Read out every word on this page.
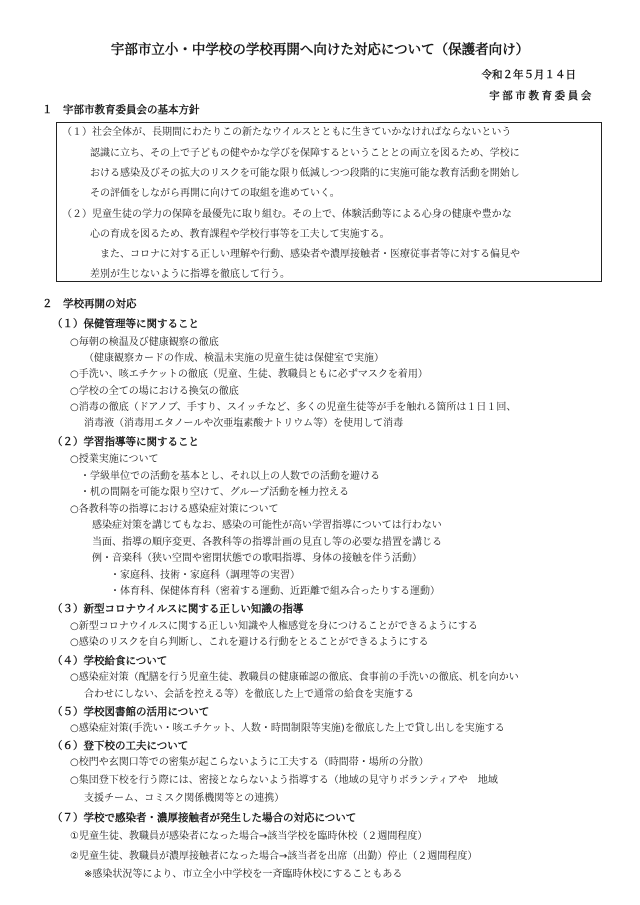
宇部市立小・中学校の学校再開へ向けた対応について（保護者向け）
令和２年５月１４日
宇部市教育委員会
１　宇部市教育委員会の基本方針
（１）社会全体が、長期間にわたりこの新たなウイルスとともに生きていかなければならないという
認識に立ち、その上で子どもの健やかな学びを保障するということとの両立を図るため、学校に
おける感染及びその拡大のリスクを可能な限り低減しつつ段階的に実施可能な教育活動を開始し
その評価をしながら再開に向けての取組を進めていく。
（２）児童生徒の学力の保障を最優先に取り組む。その上で、体験活動等による心身の健康や豊かな
心の育成を図るため、教育課程や学校行事等を工夫して実施する。
また、コロナに対する正しい理解や行動、感染者や濃厚接触者・医療従事者等に対する偏見や
差別が生じないように指導を徹底して行う。
２　学校再開の対応
（１）保健管理等に関すること
○毎朝の検温及び健康観察の徹底
（健康観察カードの作成、検温未実施の児童生徒は保健室で実施）
○手洗い、咳エチケットの徹底（児童、生徒、教職員ともに必ずマスクを着用）
○学校の全ての場における換気の徹底
○消毒の徹底（ドアノブ、手すり、スイッチなど、多くの児童生徒等が手を触れる箇所は１日１回、
消毒液（消毒用エタノールや次亜塩素酸ナトリウム等）を使用して消毒
（２）学習指導等に関すること
○授業実施について
・学級単位での活動を基本とし、それ以上の人数での活動を避ける
・机の間隔を可能な限り空けて、グループ活動を極力控える
○各教科等の指導における感染症対策について
感染症対策を講じてもなお、感染の可能性が高い学習指導については行わない
当面、指導の順序変更、各教科等の指導計画の見直し等の必要な措置を講じる
例・音楽科（狭い空間や密閉状態での歌唱指導、身体の接触を伴う活動）
・家庭科、技術・家庭科（調理等の実習）
・体育科、保健体育科（密着する運動、近距離で組み合ったりする運動）
（３）新型コロナウイルスに関する正しい知識の指導
○新型コロナウイルスに関する正しい知識や人権感覚を身につけることができるようにする
○感染のリスクを自ら判断し、これを避ける行動をとることができるようにする
（４）学校給食について
○感染症対策（配膳を行う児童生徒、教職員の健康確認の徹底、食事前の手洗いの徹底、机を向かい
合わせにしない、会話を控える等）を徹底した上で通常の給食を実施する
（５）学校図書館の活用について
○感染症対策(手洗い・咳エチケット、人数・時間制限等実施)を徹底した上で貸し出しを実施する
（６）登下校の工夫について
○校門や玄関口等での密集が起こらないように工夫する（時間帯・場所の分散）
○集団登下校を行う際には、密接とならないよう指導する（地域の見守りボランティアや　地域
支援チーム、コミスク関係機関等との連携）
（７）学校で感染者・濃厚接触者が発生した場合の対応について
①児童生徒、教職員が感染者になった場合→該当学校を臨時休校（２週間程度）
②児童生徒、教職員が濃厚接触者になった場合→該当者を出席（出勤）停止（２週間程度）
※感染状況等により、市立全小中学校を一斉臨時休校にすることもある
